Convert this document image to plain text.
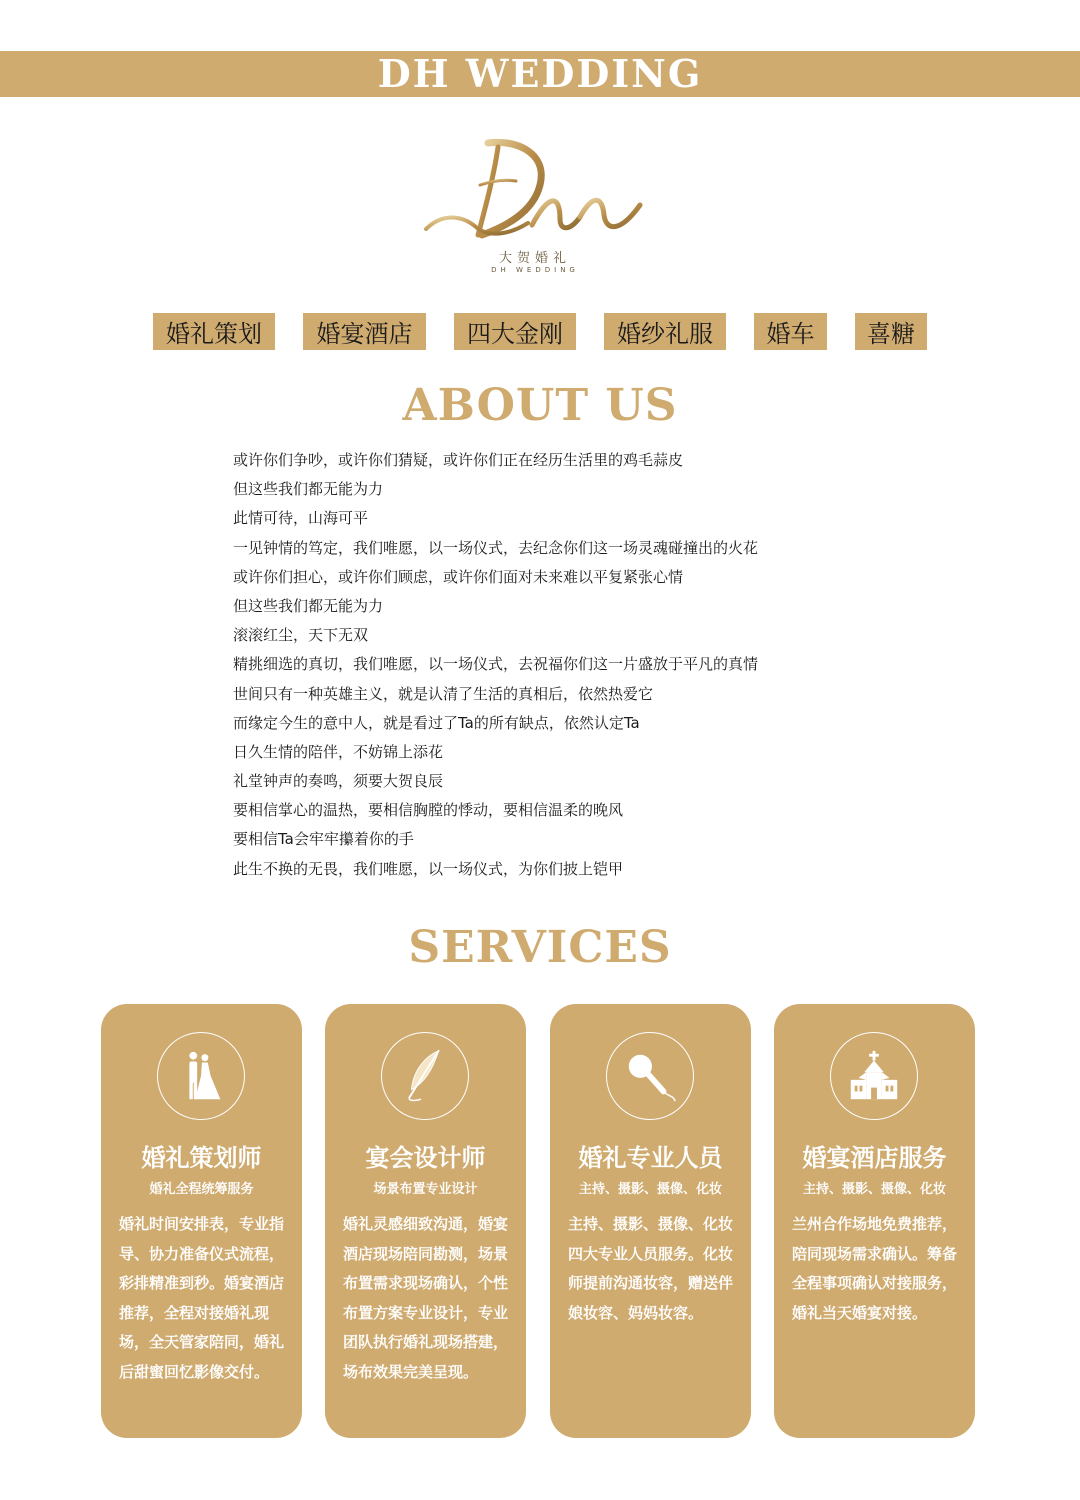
DH WEDDING
大贺婚礼
DH WEDDING
婚礼策划	婚宴酒店	四大金刚	婚纱礼服	婚车	喜糖
ABOUT US
或许你们争吵，或许你们猜疑，或许你们正在经历生活里的鸡毛蒜皮
但这些我们都无能为力
此情可待，山海可平
一见钟情的笃定，我们唯愿，以一场仪式，去纪念你们这一场灵魂碰撞出的火花
或许你们担心，或许你们顾虑，或许你们面对未来难以平复紧张心情
但这些我们都无能为力
滚滚红尘，天下无双
精挑细选的真切，我们唯愿，以一场仪式，去祝福你们这一片盛放于平凡的真情
世间只有一种英雄主义，就是认清了生活的真相后，依然热爱它
而缘定今生的意中人，就是看过了Ta的所有缺点，依然认定Ta
日久生情的陪伴，不妨锦上添花
礼堂钟声的奏鸣，须要大贺良辰
要相信掌心的温热，要相信胸膛的悸动，要相信温柔的晚风
要相信Ta会牢牢攥着你的手
此生不换的无畏，我们唯愿，以一场仪式，为你们披上铠甲
SERVICES
婚礼策划师
婚礼全程统筹服务
婚礼时间安排表，专业指导、协力准备仪式流程，彩排精准到秒。婚宴酒店推荐，全程对接婚礼现场，全天管家陪同，婚礼后甜蜜回忆影像交付。
宴会设计师
场景布置专业设计
婚礼灵感细致沟通，婚宴酒店现场陪同勘测，场景布置需求现场确认，个性布置方案专业设计，专业团队执行婚礼现场搭建，场布效果完美呈现。
婚礼专业人员
主持、摄影、摄像、化妆
主持、摄影、摄像、化妆四大专业人员服务。化妆师提前沟通妆容，赠送伴娘妆容、妈妈妆容。
婚宴酒店服务
主持、摄影、摄像、化妆
兰州合作场地免费推荐，陪同现场需求确认。筹备全程事项确认对接服务，婚礼当天婚宴对接。
